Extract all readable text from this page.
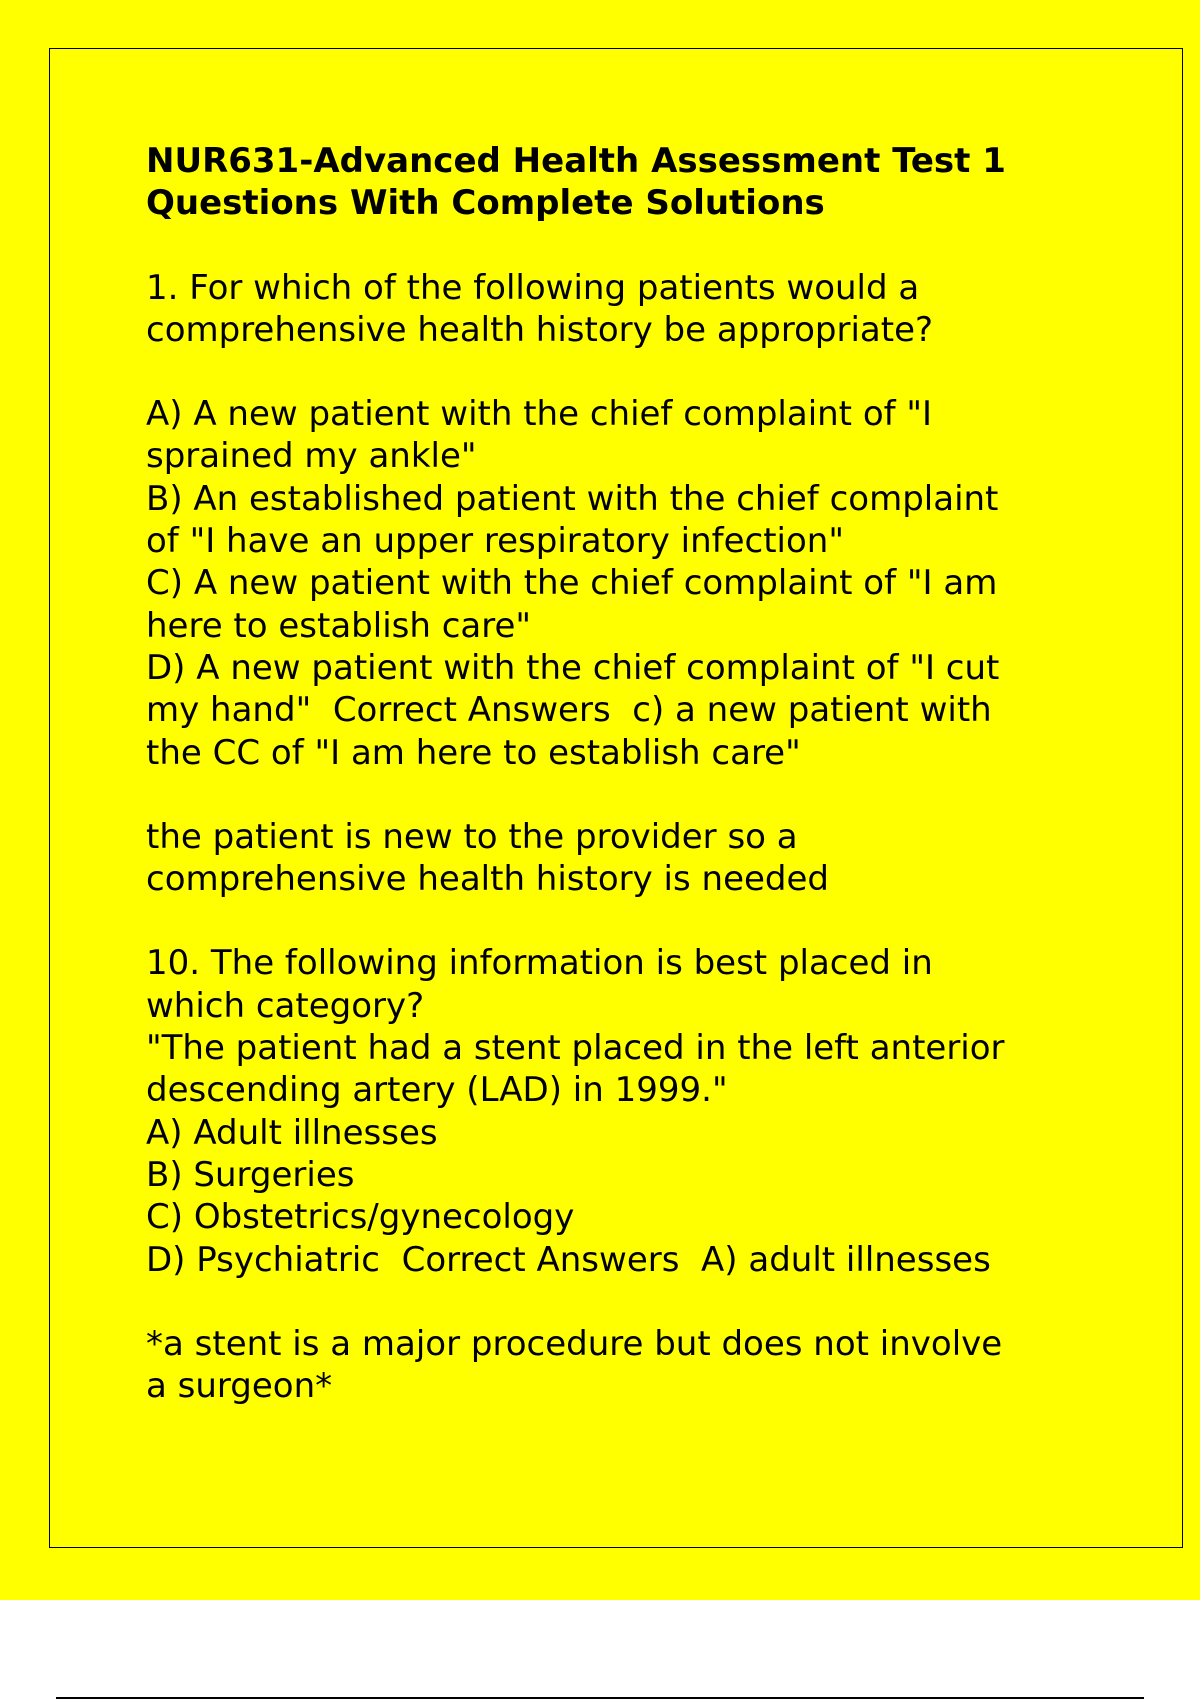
NUR631-Advanced Health Assessment Test 1
Questions With Complete Solutions
1. For which of the following patients would a
comprehensive health history be appropriate?
A) A new patient with the chief complaint of "I
sprained my ankle"
B) An established patient with the chief complaint
of "I have an upper respiratory infection"
C) A new patient with the chief complaint of "I am
here to establish care"
D) A new patient with the chief complaint of "I cut
my hand"  Correct Answers  c) a new patient with
the CC of "I am here to establish care"
the patient is new to the provider so a
comprehensive health history is needed
10. The following information is best placed in
which category?
"The patient had a stent placed in the left anterior
descending artery (LAD) in 1999."
A) Adult illnesses
B) Surgeries
C) Obstetrics/gynecology
D) Psychiatric  Correct Answers  A) adult illnesses
*a stent is a major procedure but does not involve
a surgeon*
